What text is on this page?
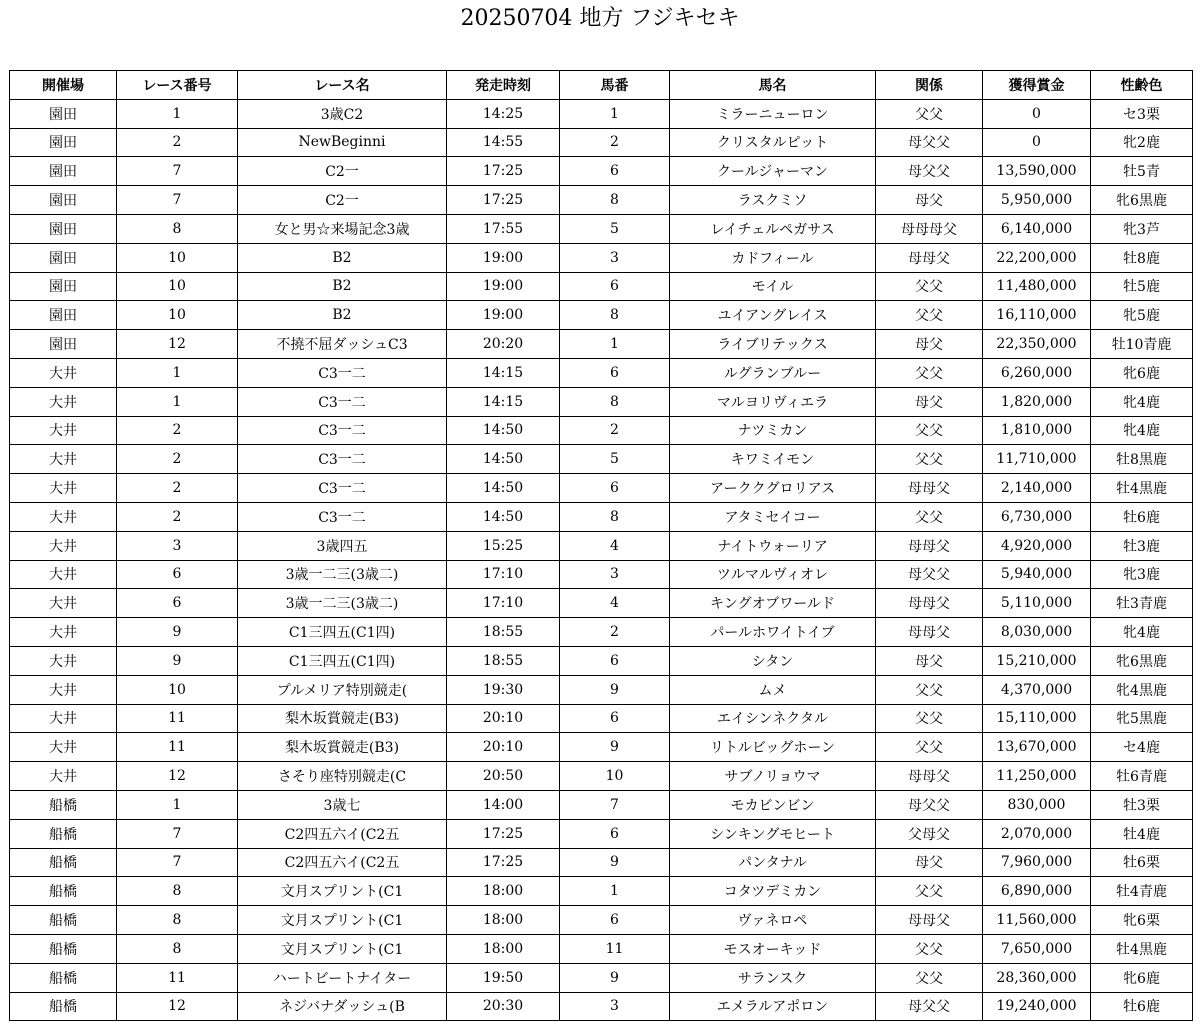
20250704 地方 フジキセキ
開催場	レース番号	レース名	発走時刻	馬番	馬名	関係	獲得賞金	性齢色
園田	1	3歳C2	14:25	1	ミラーニューロン	父父	0	セ3栗
園田	2	NewBeginni	14:55	2	クリスタルピット	母父父	0	牝2鹿
園田	7	C2一	17:25	6	クールジャーマン	母父父	13,590,000	牡5青
園田	7	C2一	17:25	8	ラスクミソ	母父	5,950,000	牝6黒鹿
園田	8	女と男☆来場記念3歳	17:55	5	レイチェルペガサス	母母母父	6,140,000	牝3芦
園田	10	B2	19:00	3	カドフィール	母母父	22,200,000	牡8鹿
園田	10	B2	19:00	6	モイル	父父	11,480,000	牡5鹿
園田	10	B2	19:00	8	ユイアングレイス	父父	16,110,000	牝5鹿
園田	12	不撓不屈ダッシュC3	20:20	1	ライブリテックス	母父	22,350,000	牡10青鹿
大井	1	C3一二	14:15	6	ルグランブルー	父父	6,260,000	牝6鹿
大井	1	C3一二	14:15	8	マルヨリヴィエラ	母父	1,820,000	牝4鹿
大井	2	C3一二	14:50	2	ナツミカン	父父	1,810,000	牝4鹿
大井	2	C3一二	14:50	5	キワミイモン	父父	11,710,000	牡8黒鹿
大井	2	C3一二	14:50	6	アーククグロリアス	母母父	2,140,000	牡4黒鹿
大井	2	C3一二	14:50	8	アタミセイコー	父父	6,730,000	牡6鹿
大井	3	3歳四五	15:25	4	ナイトウォーリア	母母父	4,920,000	牡3鹿
大井	6	3歳一二三(3歳二)	17:10	3	ツルマルヴィオレ	母父父	5,940,000	牝3鹿
大井	6	3歳一二三(3歳二)	17:10	4	キングオブワールド	母母父	5,110,000	牡3青鹿
大井	9	C1三四五(C1四)	18:55	2	パールホワイトイブ	母母父	8,030,000	牝4鹿
大井	9	C1三四五(C1四)	18:55	6	シタン	母父	15,210,000	牝6黒鹿
大井	10	プルメリア特別競走(	19:30	9	ムメ	父父	4,370,000	牝4黒鹿
大井	11	梨木坂賞競走(B3)	20:10	6	エイシンネクタル	父父	15,110,000	牝5黒鹿
大井	11	梨木坂賞競走(B3)	20:10	9	リトルビッグホーン	父父	13,670,000	セ4鹿
大井	12	さそり座特別競走(C	20:50	10	サブノリョウマ	母母父	11,250,000	牡6青鹿
船橋	1	3歳七	14:00	7	モカビンビン	母父父	830,000	牡3栗
船橋	7	C2四五六イ(C2五	17:25	6	シンキングモヒート	父母父	2,070,000	牡4鹿
船橋	7	C2四五六イ(C2五	17:25	9	パンタナル	母父	7,960,000	牡6栗
船橋	8	文月スプリント(C1	18:00	1	コタツデミカン	父父	6,890,000	牡4青鹿
船橋	8	文月スプリント(C1	18:00	6	ヴァネロペ	母母父	11,560,000	牝6栗
船橋	8	文月スプリント(C1	18:00	11	モスオーキッド	父父	7,650,000	牡4黒鹿
船橋	11	ハートビートナイター	19:50	9	サランスク	父父	28,360,000	牝6鹿
船橋	12	ネジバナダッシュ(B	20:30	3	エメラルアポロン	母父父	19,240,000	牡6鹿
